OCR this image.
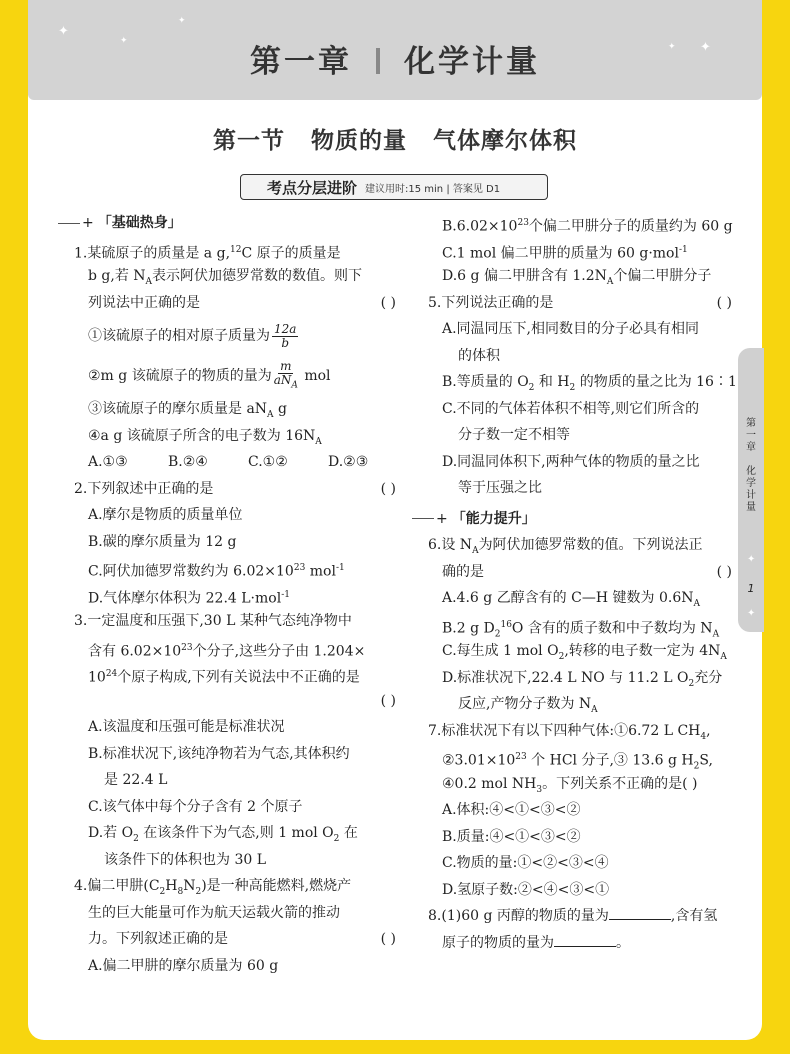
✦
✦
✦
✦ ✦
第一章 化学计量
第一节 物质的量 气体摩尔体积
考点分层进阶 建议用时:15 min | 答案见 D1
+ 「基础热身」
1.某硫原子的质量是 a g,$^{12}$C 原子的质量是
b g,若 $N_A$表示阿伏加德罗常数的数值。则下
列说法中正确的是	( )
①该硫原子的相对原子质量为 $\frac{12a}{b}$
②m g 该硫原子的物质的量为 $\frac{m}{aN_A}$ mol
③该硫原子的摩尔质量是 $aN_A$ g
④a g 该硫原子所含的电子数为 $16N_A$
A.①③	B.②④	C.①②	D.②③
2.下列叙述中正确的是	( )
A.摩尔是物质的质量单位
B.碳的摩尔质量为 12 g
C.阿伏加德罗常数约为 $6.02\times 10^{23}$ mol$^{-1}$
D.气体摩尔体积为 22.4 L·mol$^{-1}$
3.一定温度和压强下,30 L 某种气态纯净物中
含有 $6.02\times 10^{23}$个分子,这些分子由 1.204×
$10^{24}$个原子构成,下列有关说法中不正确的是
( )
A.该温度和压强可能是标准状况
B.标准状况下,该纯净物若为气态,其体积约
是 22.4 L
C.该气体中每个分子含有 2 个原子
D.若 $O_2$ 在该条件下为气态,则 1 mol $O_2$ 在
该条件下的体积也为 30 L
4.偏二甲肼$(C_2H_8N_2)$是一种高能燃料,燃烧产
生的巨大能量可作为航天运载火箭的推动
力。下列叙述正确的是	( )
A.偏二甲肼的摩尔质量为 60 g
$B.6.02\times 10^{23}$个偏二甲肼分子的质量约为 60 g
C.1 mol 偏二甲肼的质量为 60 g·mol$^{-1}$
D.6 g 偏二甲肼含有 $1.2N_A$个偏二甲肼分子
5.下列说法正确的是	( )
A.同温同压下,相同数目的分子必具有相同
的体积
B.等质量的 $O_2$ 和 $H_2$ 的物质的量之比为 16∶1
C.不同的气体若体积不相等,则它们所含的
分子数一定不相等
D.同温同体积下,两种气体的物质的量之比
等于压强之比
+ 「能力提升」
6.设 $N_A$为阿伏加德罗常数的值。下列说法正
确的是	( )
A.4.6 g 乙醇含有的 C—H 键数为 $0.6N_A$
B.2 g $D_2^{16}O$ 含有的质子数和中子数均为 $N_A$
C.每生成 1 mol $O_2$,转移的电子数一定为 $4N_A$
D.标准状况下,22.4 L NO 与 11.2 L $O_2$充分
反应,产物分子数为 $N_A$
7.标准状况下有以下四种气体:①6.72 L $CH_4$,
$②3.01\times 10^{23}$ 个 HCl 分子,③ 13.6 g $H_2S$,
④0.2 mol $NH_3$。下列关系不正确的是( )
A.体积:④<①<③<②
B.质量:④<①<③<②
C.物质的量:①<②<③<④
D.氢原子数:②<④<③<①
8.(1)60 g 丙醇的物质的量为	,含有氢
原子的物质的量为	。
第
一
章

化
学
计
量
✦
1
✦
